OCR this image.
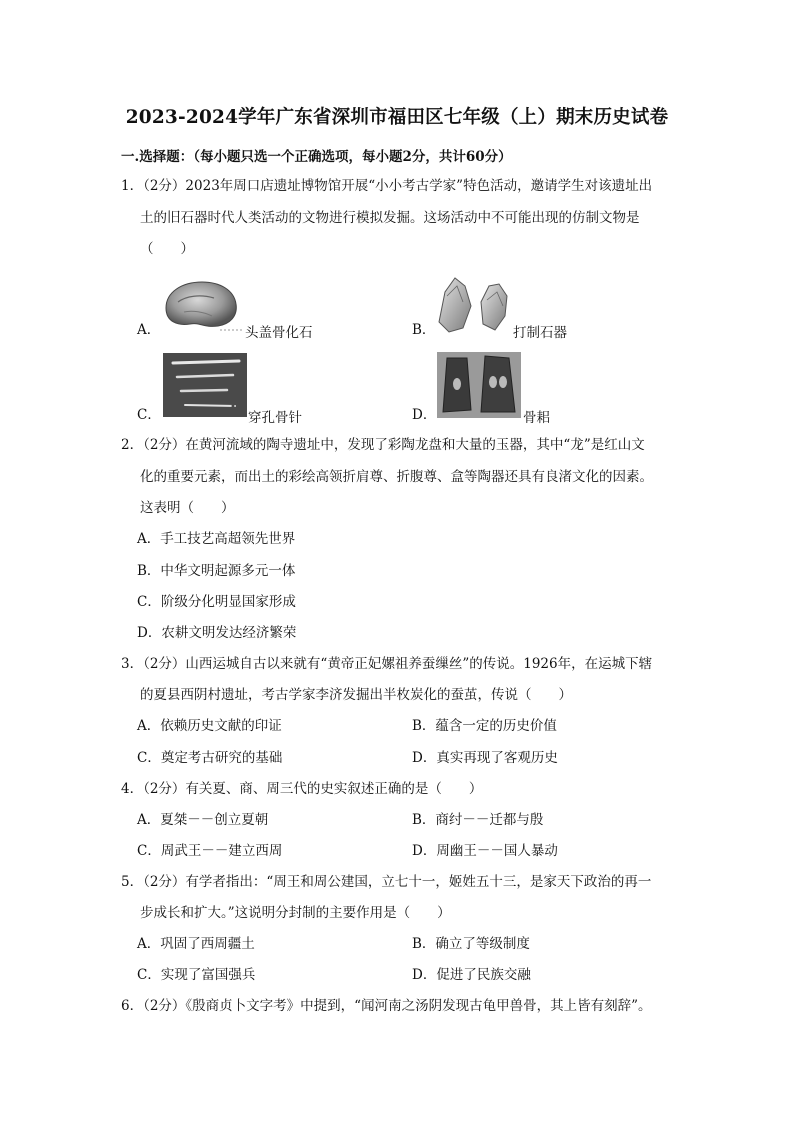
2023-2024学年广东省深圳市福田区七年级（上）期末历史试卷
一.选择题：（每小题只选一个正确选项，每小题2分，共计60分）
1．（2分）2023年周口店遗址博物馆开展“小小考古学家”特色活动，邀请学生对该遗址出
土的旧石器时代人类活动的文物进行模拟发掘。这场活动中不可能出现的仿制文物是
（　　）
A．	头盖骨化石	B．	打制石器
C．	穿孔骨针	D．	骨耜
2．（2分）在黄河流域的陶寺遗址中，发现了彩陶龙盘和大量的玉器，其中“龙”是红山文
化的重要元素，而出土的彩绘高领折肩尊、折腹尊、盒等陶器还具有良渚文化的因素。
这表明（　　）
A．手工技艺高超领先世界
B．中华文明起源多元一体
C．阶级分化明显国家形成
D．农耕文明发达经济繁荣
3．（2分）山西运城自古以来就有“黄帝正妃嫘祖养蚕缫丝”的传说。1926年，在运城下辖
的夏县西阴村遗址，考古学家李济发掘出半枚炭化的蚕茧，传说（　　）
A．依赖历史文献的印证	B．蕴含一定的历史价值
C．奠定考古研究的基础	D．真实再现了客观历史
4．（2分）有关夏、商、周三代的史实叙述正确的是（　　）
A．夏桀－－创立夏朝	B．商纣－－迁都与殷
C．周武王－－建立西周	D．周幽王－－国人暴动
5．（2分）有学者指出：“周王和周公建国，立七十一，姬姓五十三，是家天下政治的再一
步成长和扩大。”这说明分封制的主要作用是（　　）
A．巩固了西周疆土	B．确立了等级制度
C．实现了富国强兵	D．促进了民族交融
6．（2分）《殷商贞卜文字考》中提到，“闻河南之汤阴发现古龟甲兽骨，其上皆有刻辞”。
